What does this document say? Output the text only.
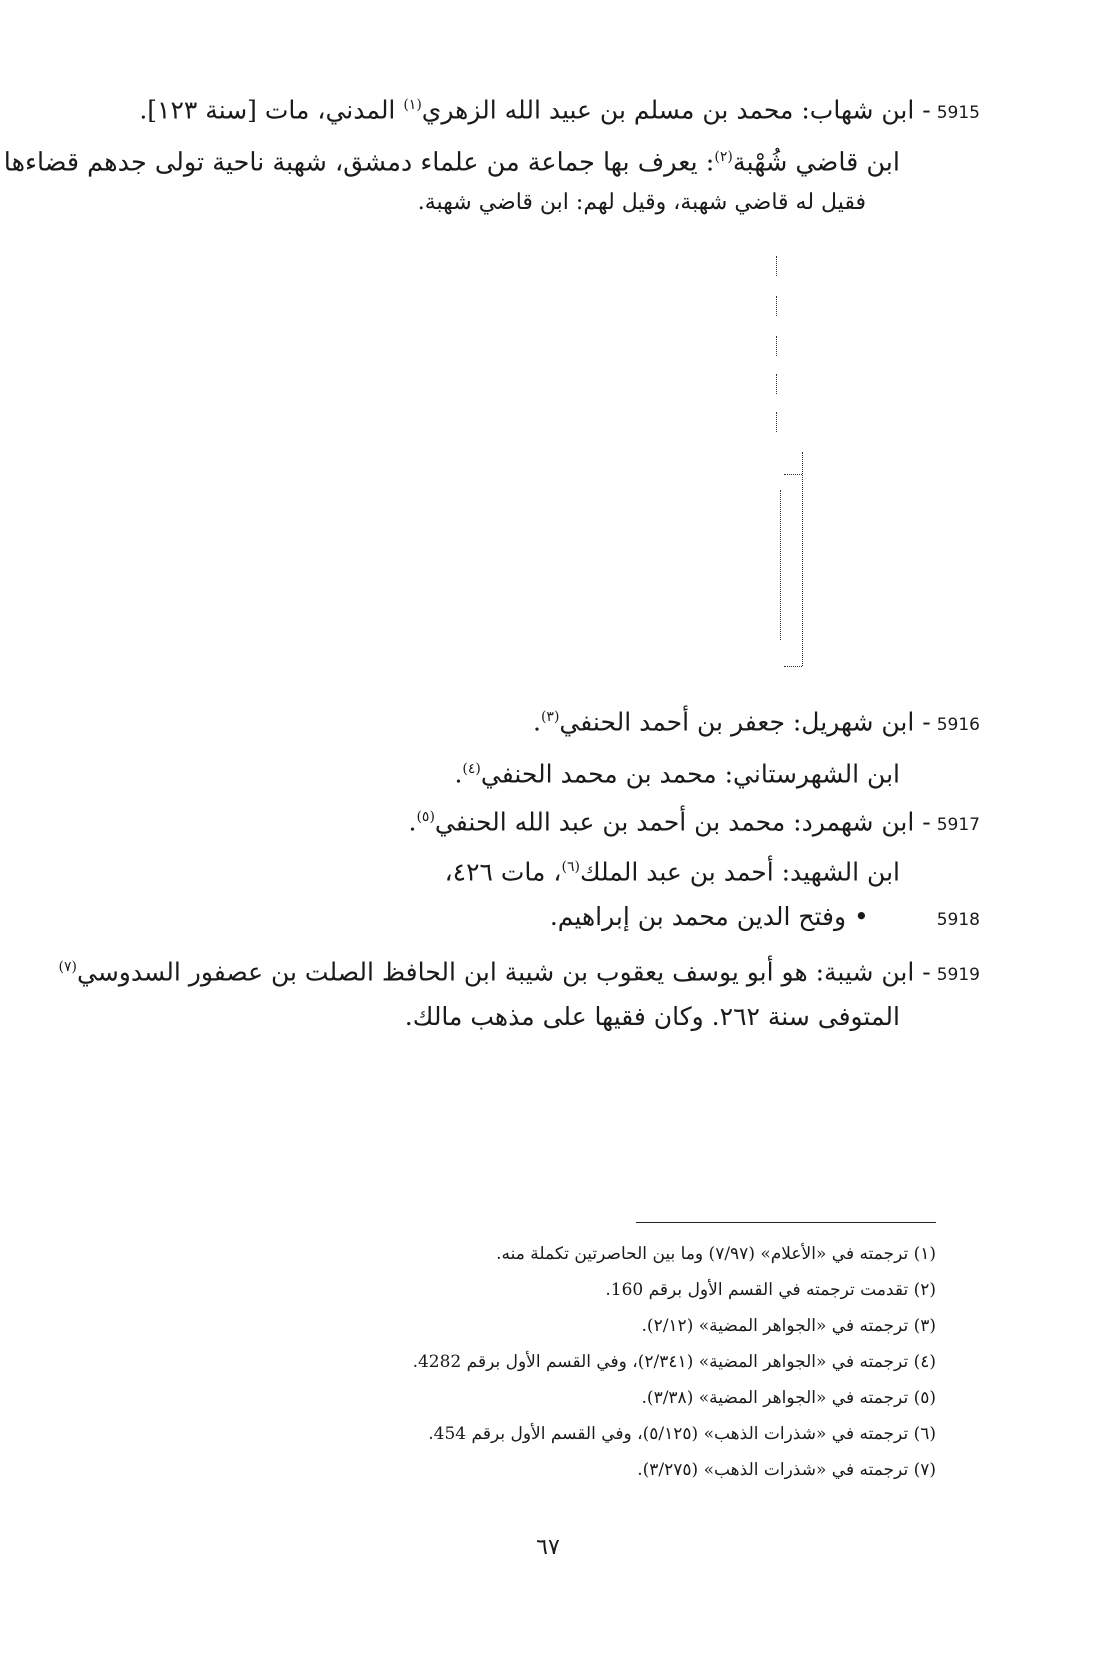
5915- ابن شهاب: محمد بن مسلم بن عبيد الله الزهري$^{(١)}$ المدني، مات [سنة ١٢٣].
ابن قاضي شُهْبة$^{(٢)}$: يعرف بها جماعة من علماء دمشق، شهبة ناحية تولى جدهم قضاءها
فقيل له قاضي شهبة، وقيل لهم: ابن قاضي شهبة.
5916- ابن شهريل: جعفر بن أحمد الحنفي$^{(٣)}$.
ابن الشهرستاني: محمد بن محمد الحنفي$^{(٤)}$.
5917- ابن شهمرد: محمد بن أحمد بن عبد الله الحنفي$^{(٥)}$.
ابن الشهيد: أحمد بن عبد الملك$^{(٦)}$، مات ٤٢٦،
5918 • وفتح الدين محمد بن إبراهيم.
5919- ابن شيبة: هو أبو يوسف يعقوب بن شيبة ابن الحافظ الصلت بن عصفور السدوسي$^{(٧)}$
المتوفى سنة ٢٦٢. وكان فقيها على مذهب مالك.
(١) ترجمته في «الأعلام» (٧/٩٧) وما بين الحاصرتين تكملة منه.
(٢) تقدمت ترجمته في القسم الأول برقم 160.
(٣) ترجمته في «الجواهر المضية» (٢/١٢).
(٤) ترجمته في «الجواهر المضية» (٢/٣٤١)، وفي القسم الأول برقم 4282.
(٥) ترجمته في «الجواهر المضية» (٣/٣٨).
(٦) ترجمته في «شذرات الذهب» (٥/١٢٥)، وفي القسم الأول برقم 454.
(٧) ترجمته في «شذرات الذهب» (٣/٢٧٥).
٦٧
